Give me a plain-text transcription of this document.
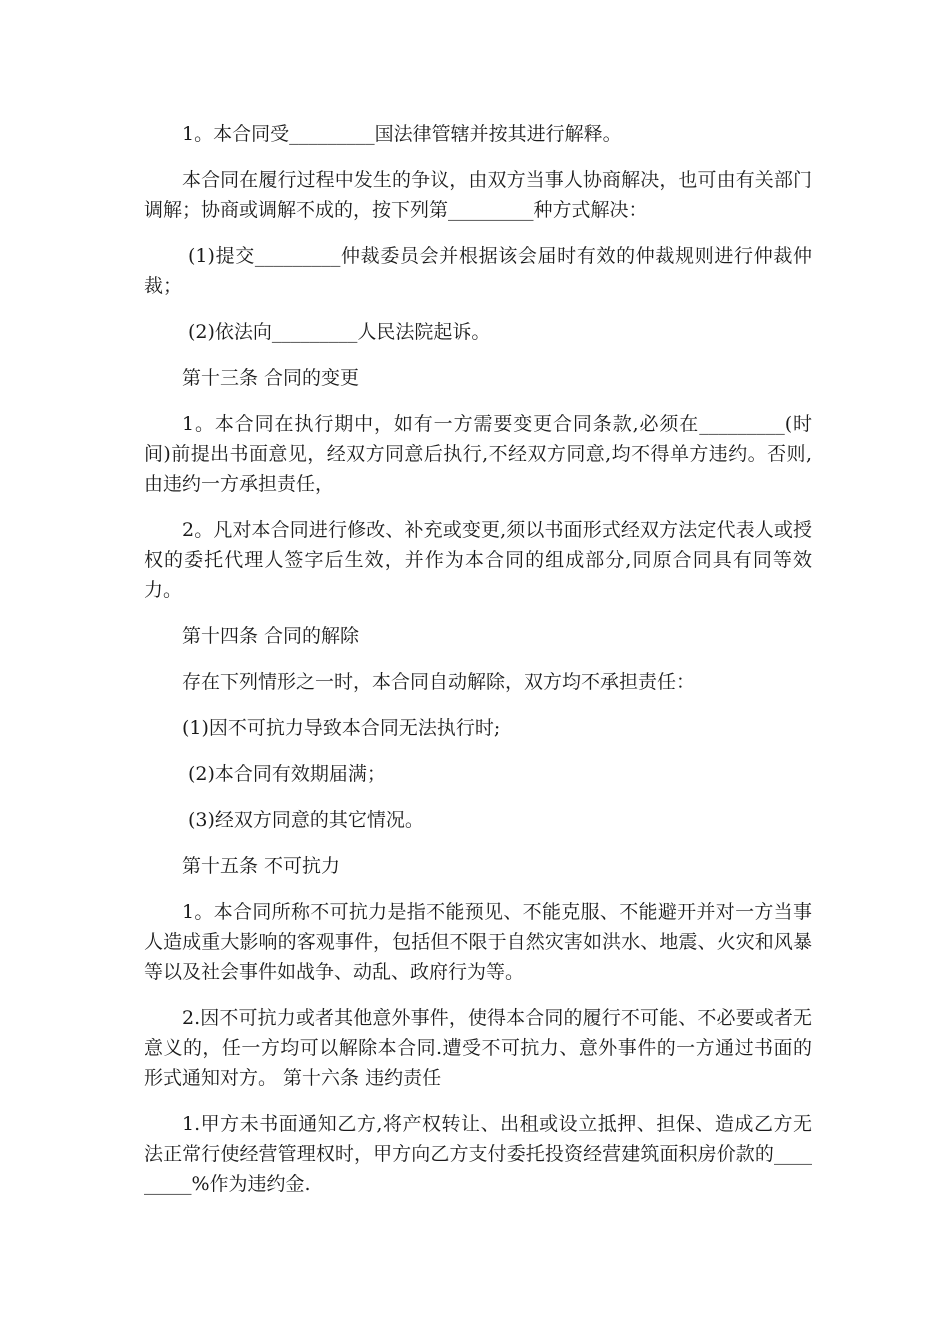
1。本合同受_________国法律管辖并按其进行解释。

本合同在履行过程中发生的争议，由双方当事人协商解决，也可由有关部门调解；协商或调解不成的，按下列第_________种方式解决：

(1)提交_________仲裁委员会并根据该会届时有效的仲裁规则进行仲裁仲裁；

(2)依法向_________人民法院起诉。

第十三条 合同的变更

1。本合同在执行期中，如有一方需要变更合同条款,必须在_________(时间)前提出书面意见，经双方同意后执行,不经双方同意,均不得单方违约。否则,由违约一方承担责任，

2。凡对本合同进行修改、补充或变更,须以书面形式经双方法定代表人或授权的委托代理人签字后生效，并作为本合同的组成部分,同原合同具有同等效力。

第十四条 合同的解除

存在下列情形之一时，本合同自动解除，双方均不承担责任：

(1)因不可抗力导致本合同无法执行时;

(2)本合同有效期届满；

(3)经双方同意的其它情况。

第十五条 不可抗力

1。本合同所称不可抗力是指不能预见、不能克服、不能避开并对一方当事人造成重大影响的客观事件，包括但不限于自然灾害如洪水、地震、火灾和风暴等以及社会事件如战争、动乱、政府行为等。

2.因不可抗力或者其他意外事件，使得本合同的履行不可能、不必要或者无意义的，任一方均可以解除本合同.遭受不可抗力、意外事件的一方通过书面的形式通知对方。 第十六条 违约责任

1.甲方未书面通知乙方,将产权转让、出租或设立抵押、担保、造成乙方无法正常行使经营管理权时，甲方向乙方支付委托投资经营建筑面积房价款的_________%作为违约金.
